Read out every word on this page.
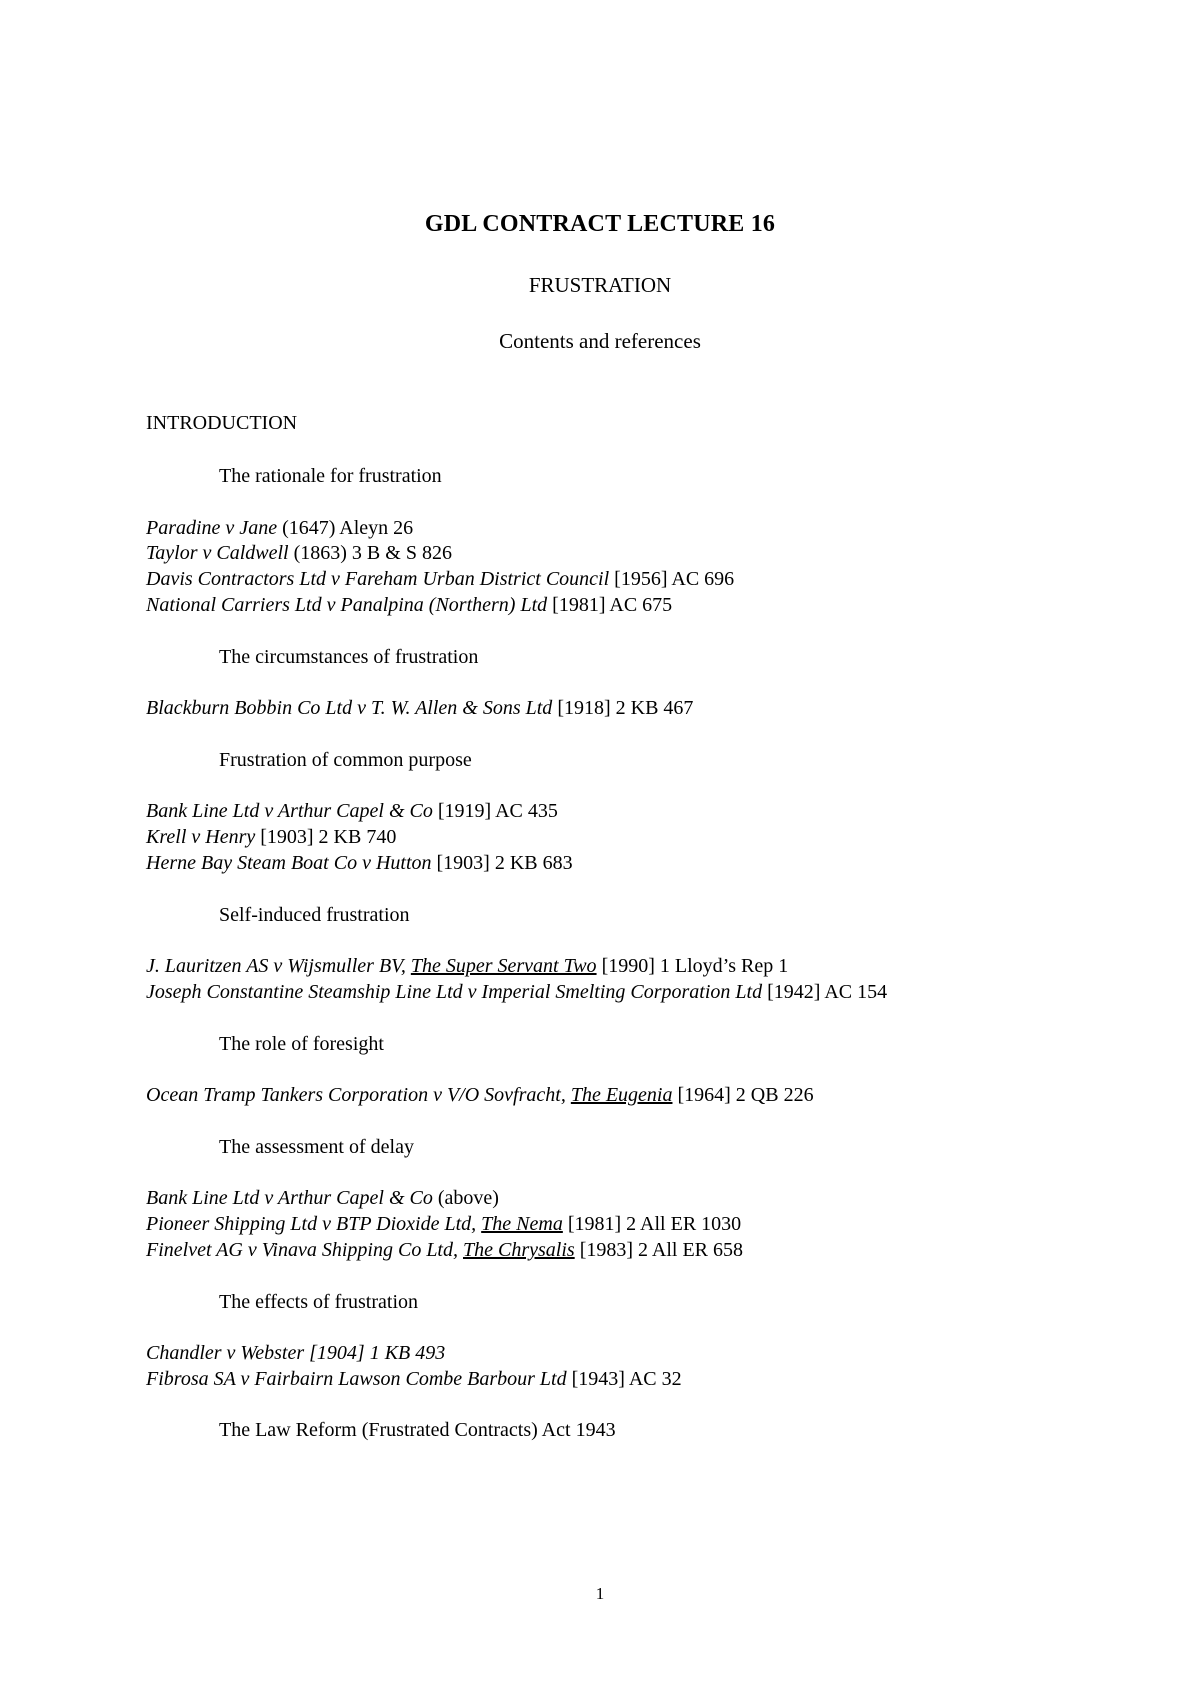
GDL CONTRACT LECTURE 16
FRUSTRATION
Contents and references
INTRODUCTION
The rationale for frustration
Paradine v Jane (1647) Aleyn 26
Taylor v Caldwell (1863) 3 B & S 826
Davis Contractors Ltd v Fareham Urban District Council [1956] AC 696
National Carriers Ltd v Panalpina (Northern) Ltd [1981] AC 675
The circumstances of frustration
Blackburn Bobbin Co Ltd v T. W. Allen & Sons Ltd [1918] 2 KB 467
Frustration of common purpose
Bank Line Ltd v Arthur Capel & Co [1919] AC 435
Krell v Henry [1903] 2 KB 740
Herne Bay Steam Boat Co v Hutton [1903] 2 KB 683
Self-induced frustration
J. Lauritzen AS v Wijsmuller BV, The Super Servant Two [1990] 1 Lloyd’s Rep 1
Joseph Constantine Steamship Line Ltd v Imperial Smelting Corporation Ltd [1942] AC 154
The role of foresight
Ocean Tramp Tankers Corporation v V/O Sovfracht, The Eugenia [1964] 2 QB 226
The assessment of delay
Bank Line Ltd v Arthur Capel & Co (above)
Pioneer Shipping Ltd v BTP Dioxide Ltd, The Nema [1981] 2 All ER 1030
Finelvet AG v Vinava Shipping Co Ltd, The Chrysalis [1983] 2 All ER 658
The effects of frustration
Chandler v Webster [1904] 1 KB 493
Fibrosa SA v Fairbairn Lawson Combe Barbour Ltd [1943] AC 32
The Law Reform (Frustrated Contracts) Act 1943
1
